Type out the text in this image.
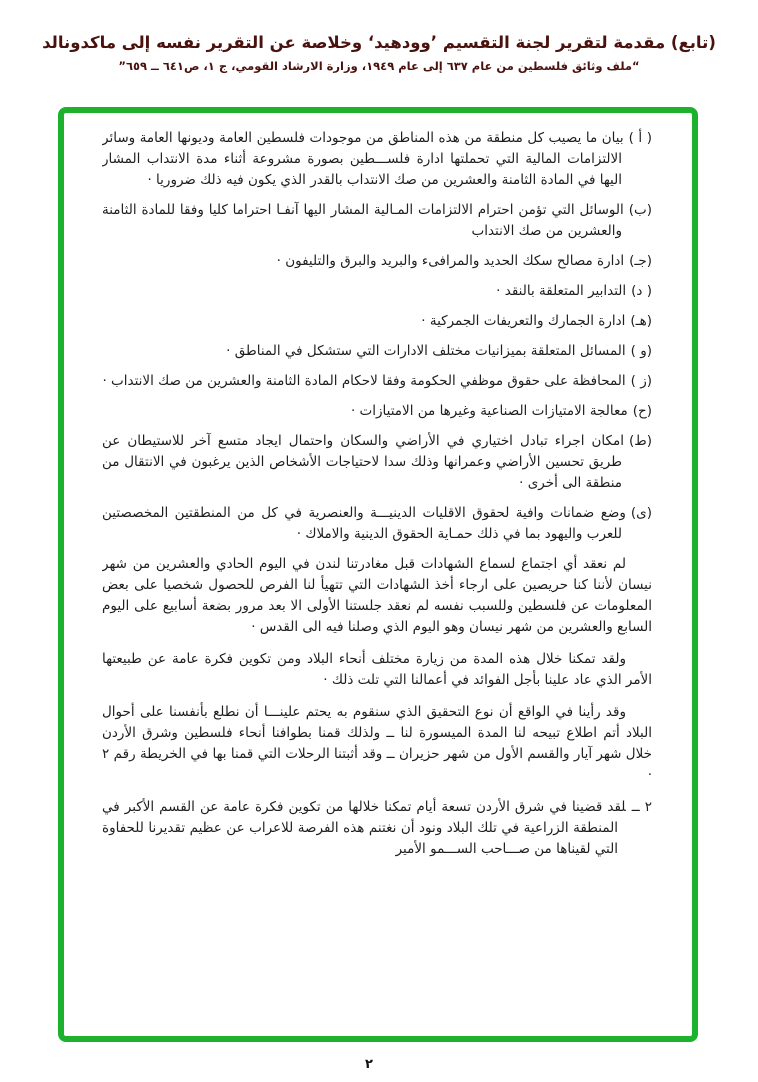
(تابع) مقدمة لتقرير لجنة التقسيم ’وودهيد‘ وخلاصة عن التقرير نفسه إلى ماكدونالد
“ملف وثائق فلسطين من عام ٦٣٧ إلى عام ١٩٤٩، وزارة الارشاد القومي، ج ١، ص٦٤١ ــ ٦٥٩”
( أ )بيان ما يصيب كل منطقة من هذه المناطق من موجودات فلسطين العامة وديونها العامة وسائر الالتزامات المالية التي تحملتها ادارة فلســـطين بصورة مشروعة أثناء مدة الانتداب المشار اليها في المادة الثامنة والعشرين من صك الانتداب بالقدر الذي يكون فيه ذلك ضروريا ·
(ب)الوسائل التي تؤمن احترام الالتزامات المـالية المشار اليها آنفـا احتراما كليا وفقا للمادة الثامنة والعشرين من صك الانتداب
(جـ)ادارة مصالح سكك الحديد والمرافىء والبريد والبرق والتليفون ·
( د)التدابير المتعلقة بالنقد ·
(هـ)ادارة الجمارك والتعريفات الجمركية ·
(و )المسائل المتعلقة بميزانيات مختلف الادارات التي ستشكل في المناطق ·
(ز )المحافظة على حقوق موظفي الحكومة وفقا لاحكام المادة الثامنة والعشرين من صك الانتداب ·
(ح)معالجة الامتيازات الصناعية وغيرها من الامتيازات ·
(ط)امكان اجراء تبادل اختياري في الأراضي والسكان واحتمال ايجاد متسع آخر للاستيطان عن طريق تحسين الأراضي وعمرانها وذلك سدا لاحتياجات الأشخاص الذين يرغبون في الانتقال من منطقة الى أخرى ·
(ى)وضع ضمانات وافية لحقوق الاقليات الدينيـــة والعنصرية في كل من المنطقتين المخصصتين للعرب واليهود بما في ذلك حمـاية الحقوق الدينية والاملاك ·
لم نعقد أي اجتماع لسماع الشهادات قبل مغادرتنا لندن في اليوم الحادي والعشرين من شهر نيسان لأننا كنا حريصين على ارجاء أخذ الشهادات التي تتهيأ لنا الفرص للحصول شخصيا على بعض المعلومات عن فلسطين وللسبب نفسه لم نعقد جلستنا الأولى الا بعد مرور بضعة أسابيع على اليوم السابع والعشرين من شهر نيسان وهو اليوم الذي وصلنا فيه الى القدس ·
ولقد تمكنا خلال هذه المدة من زيارة مختلف أنحاء البلاد ومن تكوين فكرة عامة عن طبيعتها الأمر الذي عاد علينا بأجل الفوائد في أعمالنا التي تلت ذلك ·
وقد رأينا في الواقع أن نوع التحقيق الذي سنقوم به يحتم علينـــا أن نطلع بأنفسنا على أحوال البلاد أتم اطلاع تبيحه لنا المدة الميسورة لنا ــ ولذلك قمنا بطوافنا أنحاء فلسطين وشرق الأردن خلال شهر آيار والقسم الأول من شهر حزيران ــ وقد أثبتنا الرحلات التي قمنا بها في الخريطة رقم ٢ ·
٢ ــلقد قضينا في شرق الأردن تسعة أيام تمكنا خلالها من تكوين فكرة عامة عن القسم الأكبر في المنطقة الزراعية في تلك البلاد ونود أن نغتنم هذه الفرصة للاعراب عن عظيم تقديرنا للحفاوة التي لقيناها من صـــاحب الســـمو الأمير
٢
